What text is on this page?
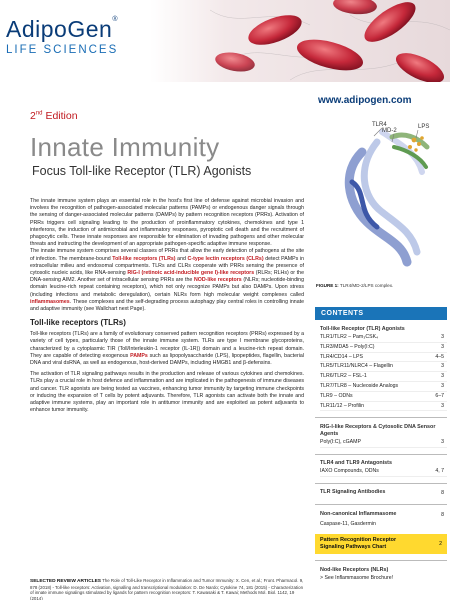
AdipoGen®
LIFE SCIENCES
www.adipogen.com
2nd Edition
Innate Immunity
Focus Toll-like Receptor (TLR) Agonists
TLR4
MD-2
LPS
FIGURE 1: TLR4/MD-2/LPS complex.

The innate immune system plays an essential role in the host's first line of defense against microbial invasion and involves the recognition of pathogen-associated molecular patterns (PAMPs) or endogenous danger signals through the sensing of danger-associated molecular patterns (DAMPs) by pattern recognition receptors (PRRs). Activation of PRRs triggers cell signaling leading to the production of proinflammatory cytokines, chemokines and type 1 interferons, the induction of antimicrobial and inflammatory responses, pyroptotic cell death and the recruitment of phagocytic cells. These innate responses are responsible for elimination of invading pathogens and other molecular threats and instructing the development of an appropriate pathogen-specific adaptive immune response.

The innate immune system comprises several classes of PRRs that allow the early detection of pathogens at the site of infection. The membrane-bound Toll-like receptors (TLRs) and C-type lectin receptors (CLRs) detect PAMPs in extracellular milieu and endosomal compartments. TLRs and CLRs cooperate with PRRs sensing the presence of cytosolic nucleic acids, like RNA-sensing RIG-I (retinoic acid-inducible gene I)-like receptors (RLRs; RLHs) or the DNA-sensing AIM2. Another set of intracellular sensing PRRs are the NOD-like receptors (NLRs; nucleotide-binding domain leucine-rich repeat containing receptors), which not only recognize PAMPs but also DAMPs. Upon stress (including infections and metabolic deregulation), certain NLRs form high molecular weight complexes called inflammasomes. These complexes and the self-degrading process autophagy play central roles in controlling innate and adaptive immunity (see Wallchart next Page).

Toll-like receptors (TLRs)

Toll-like receptors (TLRs) are a family of evolutionary conserved pattern recognition receptors (PRRs) expressed by a variety of cell types, particularly those of the innate immune system. TLRs are type I membrane glycoproteins, characterized by a cytoplasmic TIR (Toll/Interleukin-1 receptor (IL-1R)) domain and a leucine-rich repeat domain. They are capable of detecting exogenous PAMPs such as lipopolysaccharide (LPS), lipopeptides, flagellin, bacterial DNA and viral dsRNA, as well as endogenous, host-derived DAMPs, including HMGB1 and β-defensins.

The activation of TLR signaling pathways results in the production and release of various cytokines and chemokines. TLRs play a crucial role in host defence and inflammation and are implicated in the pathogenesis of immune diseases and cancer. TLR agonists are being tested as vaccines, enhancing tumor immunity by targeting immune checkpoints or inducing the expansion of T cells by potent adjuvants. Therefore, TLR agonists can activate both the innate and adaptive immune systems, play an important role in antitumor immunity and are exploited as potent adjuvants to enhance tumor immunity.

SELECTED REVIEW ARTICLES The Role of Toll-Like Receptor in Inflammation and Tumor Immunity: X. Cen, et al.; Front. Pharmacol. 9, 878 (2018) - Toll-like receptors: Activation, signalling and transcriptional modulation: D. De Nardo; Cytokine 74, 181 (2015) - Characterization of innate immune signalings stimulated by ligands for pattern recognition receptors: T. Kawasaki & T. Kawai; Methods Mol. Biol. 1142, 19 (2014)
CONTENTS
Toll-like Receptor (TLR) Agonists
TLR1/TLR2 – Pam₃CSK₄	3
TLR3/MDA5 – Poly(I:C)	3
TLR4/CD14 – LPS	4–5
TLR5/TLR11/NLRC4 – Flagellin	3
TLR6/TLR2 – FSL-1	3
TLR7/TLR8 – Nucleoside Analogs	3
TLR9 – ODNs	6–7
TLR11/12 – Profilin	3
RIG-I-like Receptors & Cytosolic DNA Sensor Agents
Poly(I:C), cGAMP	3
TLR4 and TLR9 Antagonists
IAXO Compounds, ODNs	4, 7
TLR Signaling Antibodies	8
Non-canonical Inflammasome	8
Caspase-11, Gasdermin
Pattern Recognition Receptor Signaling Pathways Chart	2
Nod-like Receptors (NLRs)
> See Inflammasome Brochure!
